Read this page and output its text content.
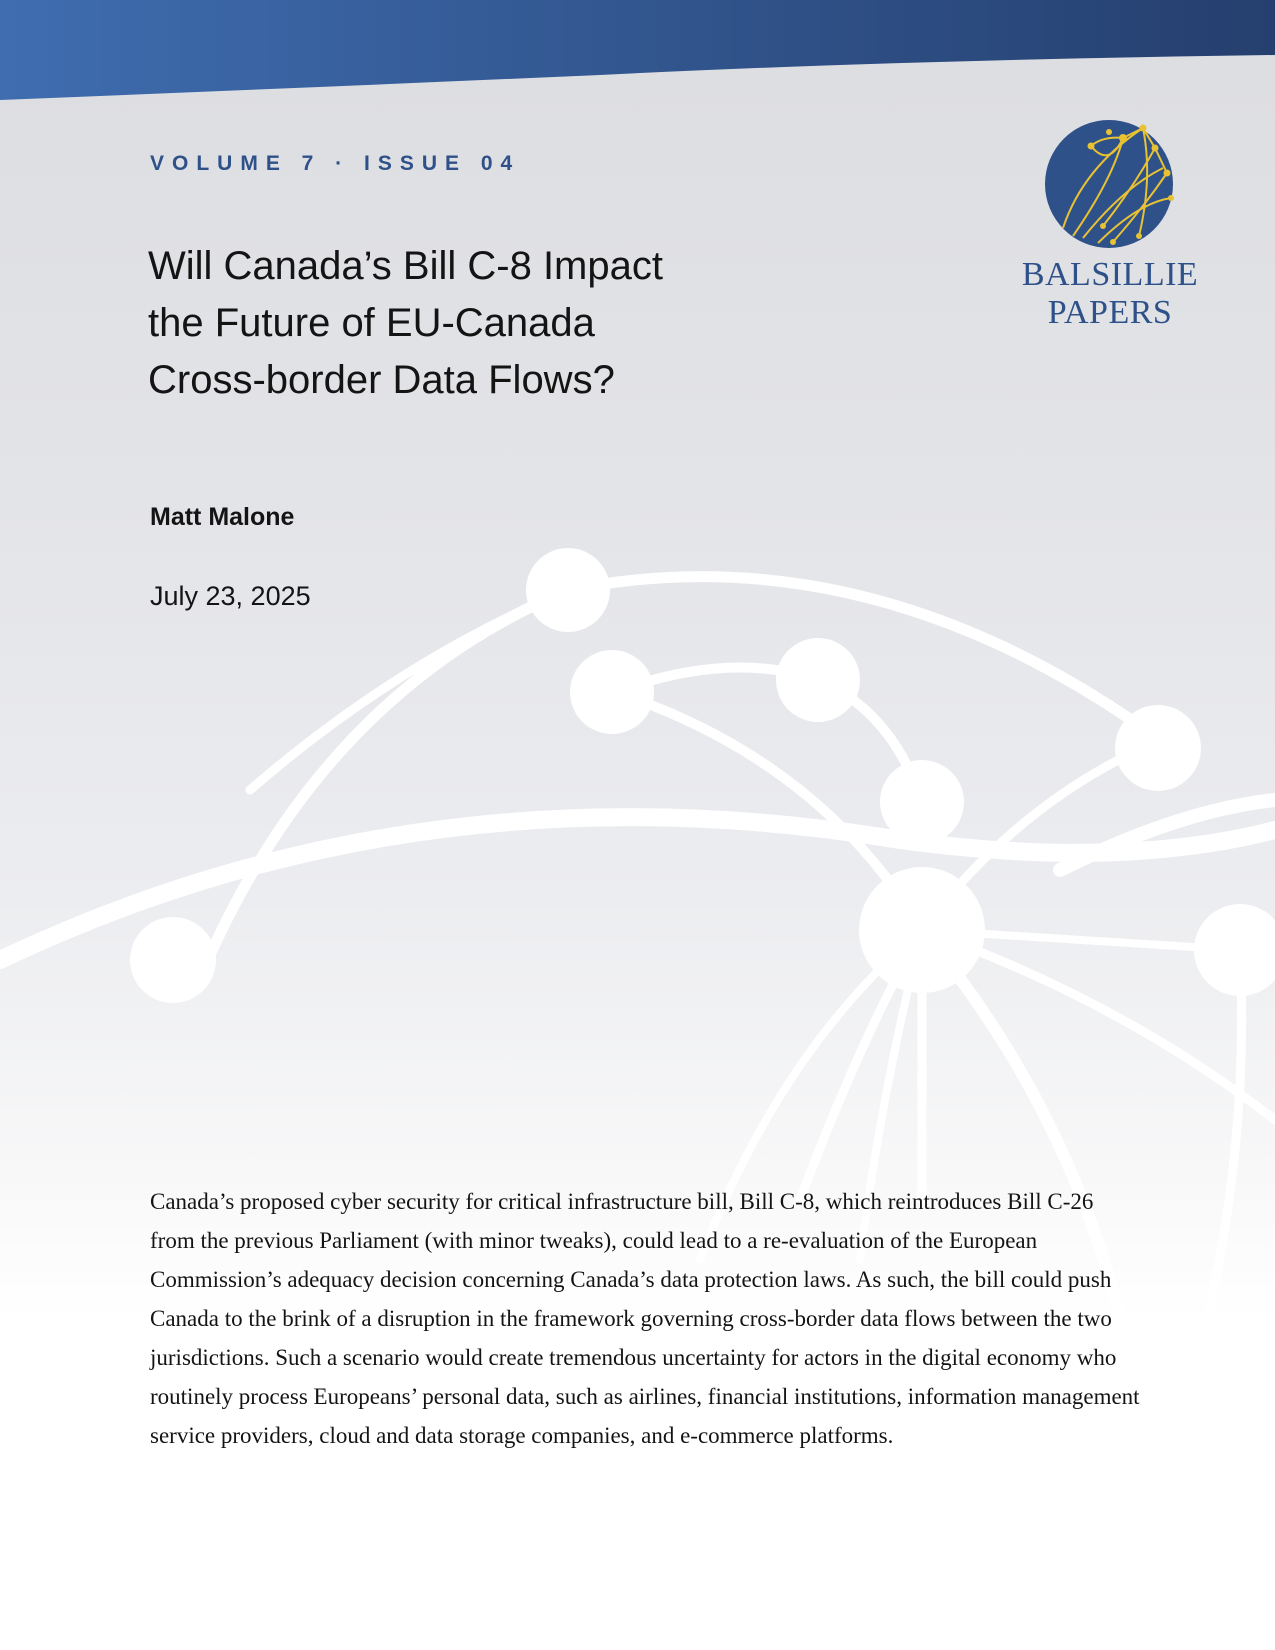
VOLUME 7 · ISSUE 04
Will Canada’s Bill C-8 Impact
the Future of EU-Canada
Cross-border Data Flows?
Matt Malone
July 23, 2025
BALSILLIE
PAPERS

Canada’s proposed cyber security for critical infrastructure bill, Bill C-8, which reintroduces Bill C-26 from the previous Parliament (with minor tweaks), could lead to a re-evaluation of the European Commission’s adequacy decision concerning Canada’s data protection laws. As such, the bill could push Canada to the brink of a disruption in the framework governing cross-border data flows between the two jurisdictions. Such a scenario would create tremendous uncertainty for actors in the digital economy who routinely process Europeans’ personal data, such as airlines, financial institutions, information management service providers, cloud and data storage companies, and e-commerce platforms.
